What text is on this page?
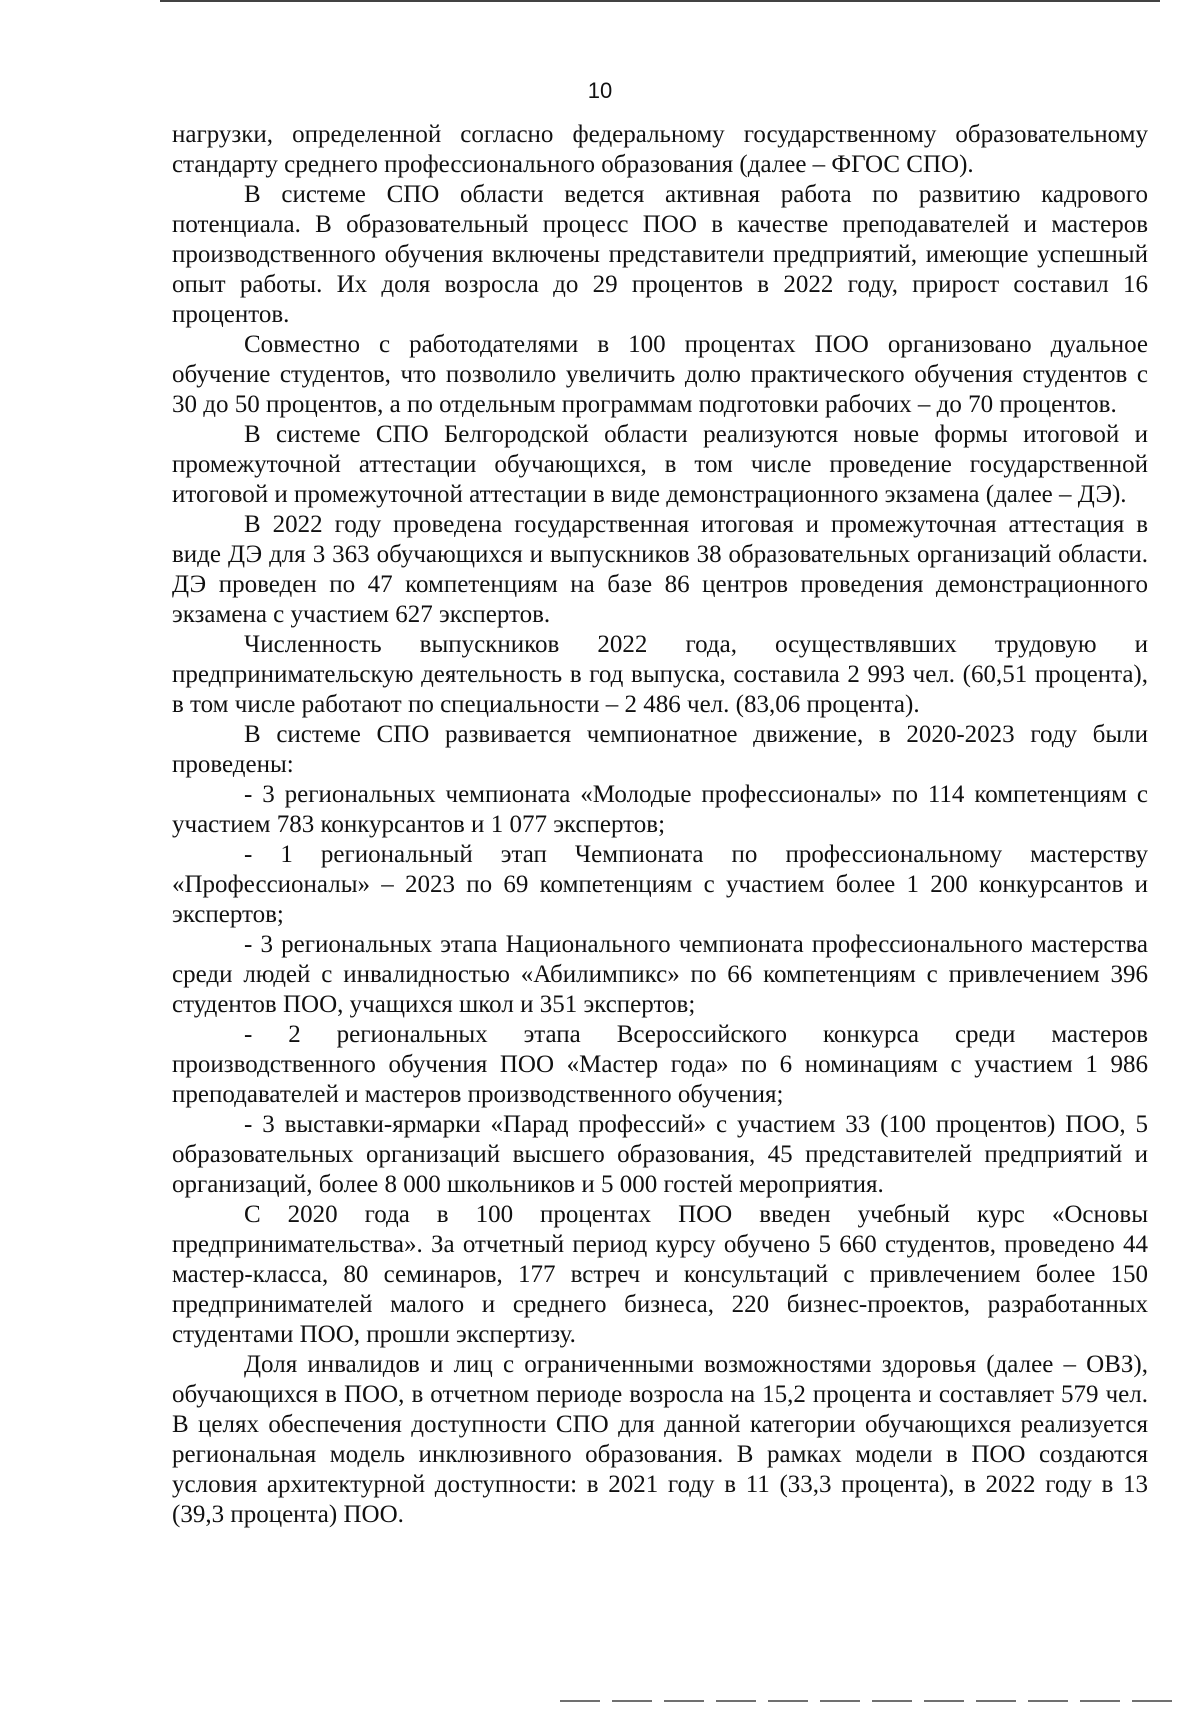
10

нагрузки, определенной согласно федеральному государственному образовательному стандарту среднего профессионального образования (далее – ФГОС СПО).

В системе СПО области ведется активная работа по развитию кадрового потенциала. В образовательный процесс ПОО в качестве преподавателей и мастеров производственного обучения включены представители предприятий, имеющие успешный опыт работы. Их доля возросла до 29 процентов в 2022 году, прирост составил 16 процентов.

Совместно с работодателями в 100 процентах ПОО организовано дуальное обучение студентов, что позволило увеличить долю практического обучения студентов с 30 до 50 процентов, а по отдельным программам подготовки рабочих – до 70 процентов.

В системе СПО Белгородской области реализуются новые формы итоговой и промежуточной аттестации обучающихся, в том числе проведение государственной итоговой и промежуточной аттестации в виде демонстрационного экзамена (далее – ДЭ).

В 2022 году проведена государственная итоговая и промежуточная аттестация в виде ДЭ для 3 363 обучающихся и выпускников 38 образовательных организаций области. ДЭ проведен по 47 компетенциям на базе 86 центров проведения демонстрационного экзамена с участием 627 экспертов.

Численность выпускников 2022 года, осуществлявших трудовую и предпринимательскую деятельность в год выпуска, составила 2 993 чел. (60,51 процента), в том числе работают по специальности – 2 486 чел. (83,06 процента).

В системе СПО развивается чемпионатное движение, в 2020-2023 году были проведены:

- 3 региональных чемпионата «Молодые профессионалы» по 114 компетенциям с участием 783 конкурсантов и 1 077 экспертов;

- 1 региональный этап Чемпионата по профессиональному мастерству «Профессионалы» – 2023 по 69 компетенциям с участием более 1 200 конкурсантов и экспертов;

- 3 региональных этапа Национального чемпионата профессионального мастерства среди людей с инвалидностью «Абилимпикс» по 66 компетенциям с привлечением 396 студентов ПОО, учащихся школ и 351 экспертов;

- 2 региональных этапа Всероссийского конкурса среди мастеров производственного обучения ПОО «Мастер года» по 6 номинациям с участием 1 986 преподавателей и мастеров производственного обучения;

- 3 выставки-ярмарки «Парад профессий» с участием 33 (100 процентов) ПОО, 5 образовательных организаций высшего образования, 45 представителей предприятий и организаций, более 8 000 школьников и 5 000 гостей мероприятия.

С 2020 года в 100 процентах ПОО введен учебный курс «Основы предпринимательства». За отчетный период курсу обучено 5 660 студентов, проведено 44 мастер-класса, 80 семинаров, 177 встреч и консультаций с привлечением более 150 предпринимателей малого и среднего бизнеса, 220 бизнес-проектов, разработанных студентами ПОО, прошли экспертизу.

Доля инвалидов и лиц с ограниченными возможностями здоровья (далее – ОВЗ), обучающихся в ПОО, в отчетном периоде возросла на 15,2 процента и составляет 579 чел. В целях обеспечения доступности СПО для данной категории обучающихся реализуется региональная модель инклюзивного образования. В рамках модели в ПОО создаются условия архитектурной доступности: в 2021 году в 11 (33,3 процента), в 2022 году в 13 (39,3 процента) ПОО.
